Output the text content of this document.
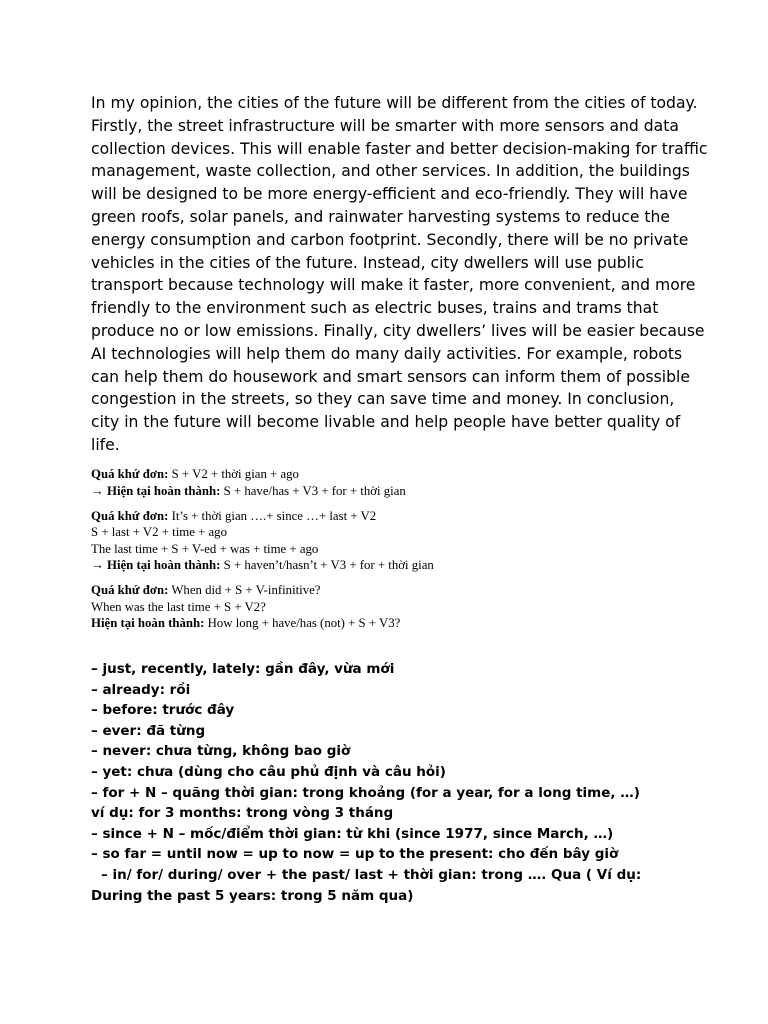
In my opinion, the cities of the future will be different from the cities of today.
Firstly, the street infrastructure will be smarter with more sensors and data
collection devices. This will enable faster and better decision-making for traffic
management, waste collection, and other services. In addition, the buildings
will be designed to be more energy-efficient and eco-friendly. They will have
green roofs, solar panels, and rainwater harvesting systems to reduce the
energy consumption and carbon footprint. Secondly, there will be no private
vehicles in the cities of the future. Instead, city dwellers will use public
transport because technology will make it faster, more convenient, and more
friendly to the environment such as electric buses, trains and trams that
produce no or low emissions. Finally, city dwellers’ lives will be easier because
AI technologies will help them do many daily activities. For example, robots
can help them do housework and smart sensors can inform them of possible
congestion in the streets, so they can save time and money. In conclusion,
city in the future will become livable and help people have better quality of
life.
Quá khứ đơn: S + V2 + thời gian + ago
→ Hiện tại hoàn thành: S + have/has + V3 + for + thời gian
Quá khứ đơn: It’s + thời gian ….+ since …+ last + V2
S + last + V2 + time + ago
The last time + S + V-ed + was + time + ago
→ Hiện tại hoàn thành: S + haven’t/hasn’t + V3 + for + thời gian
Quá khứ đơn: When did + S + V-infinitive?
When was the last time + S + V2?
Hiện tại hoàn thành: How long + have/has (not) + S + V3?
– just, recently, lately: gần đây, vừa mới
– already: rồi
– before: trước đây
– ever: đã từng
– never: chưa từng, không bao giờ
– yet: chưa (dùng cho câu phủ định và câu hỏi)
– for + N – quãng thời gian: trong khoảng (for a year, for a long time, …)
ví dụ: for 3 months: trong vòng 3 tháng
– since + N – mốc/điểm thời gian: từ khi (since 1977, since March, …)
– so far = until now = up to now = up to the present: cho đến bây giờ
– in/ for/ during/ over + the past/ last + thời gian: trong …. Qua ( Ví dụ:
During the past 5 years: trong 5 năm qua)
